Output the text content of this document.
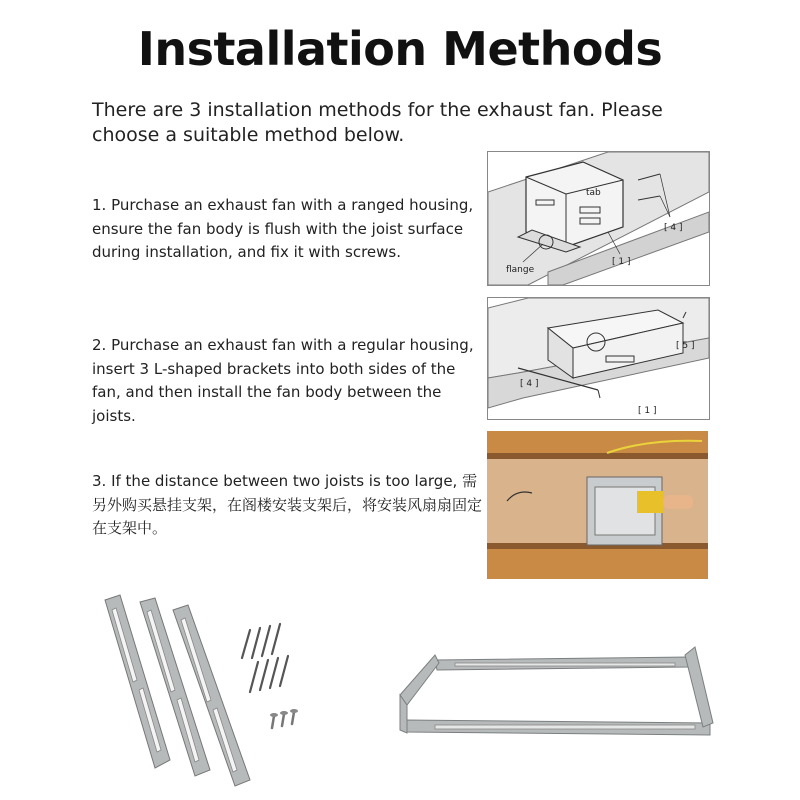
Installation Methods
There are 3 installation methods for the exhaust fan. Please choose a suitable method below.
1. Purchase an exhaust fan with a ranged housing, ensure the fan body is flush with the joist surface during installation, and fix it with screws.
2. Purchase an exhaust fan with a regular housing, insert 3 L-shaped brackets into both sides of the fan, and then install the fan body between the joists.
3. If the distance between two joists is too large, 需另外购买悬挂支架，在阁楼安装支架后，将安装风扇扇固定在支架中。
tab
[ 4 ]
flange
[ 1 ]
[ 5 ]
[ 4 ]
[ 1 ]
